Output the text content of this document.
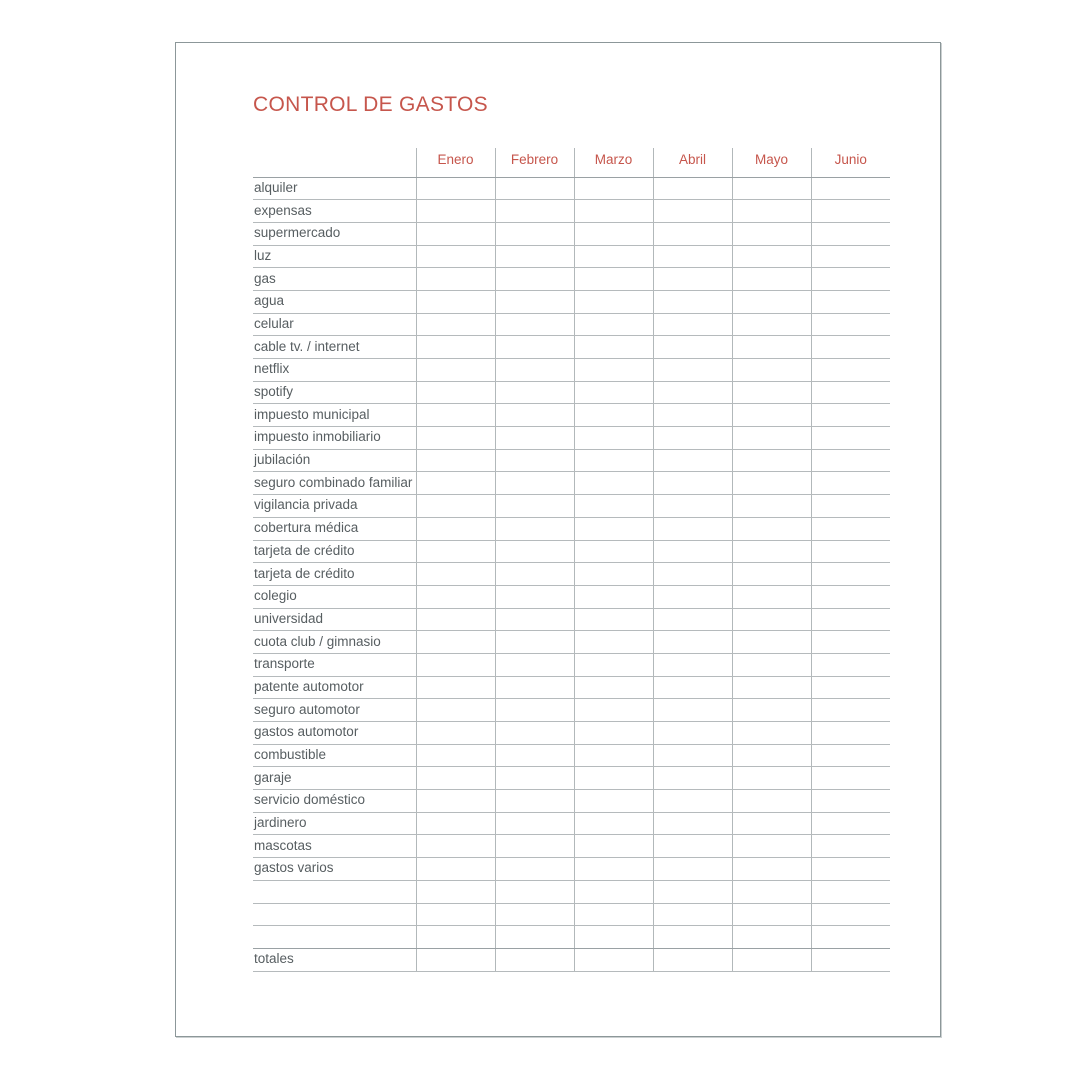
CONTROL DE GASTOS
	Enero	Febrero	Marzo	Abril	Mayo	Junio
alquiler						
expensas						
supermercado						
luz						
gas						
agua						
celular						
cable tv. / internet						
netflix						
spotify						
impuesto municipal						
impuesto inmobiliario						
jubilación						
seguro combinado familiar						
vigilancia privada						
cobertura médica						
tarjeta de crédito						
tarjeta de crédito						
colegio						
universidad						
cuota club / gimnasio						
transporte						
patente automotor						
seguro automotor						
gastos automotor						
combustible						
garaje						
servicio doméstico						
jardinero						
mascotas						
gastos varios						

totales						
